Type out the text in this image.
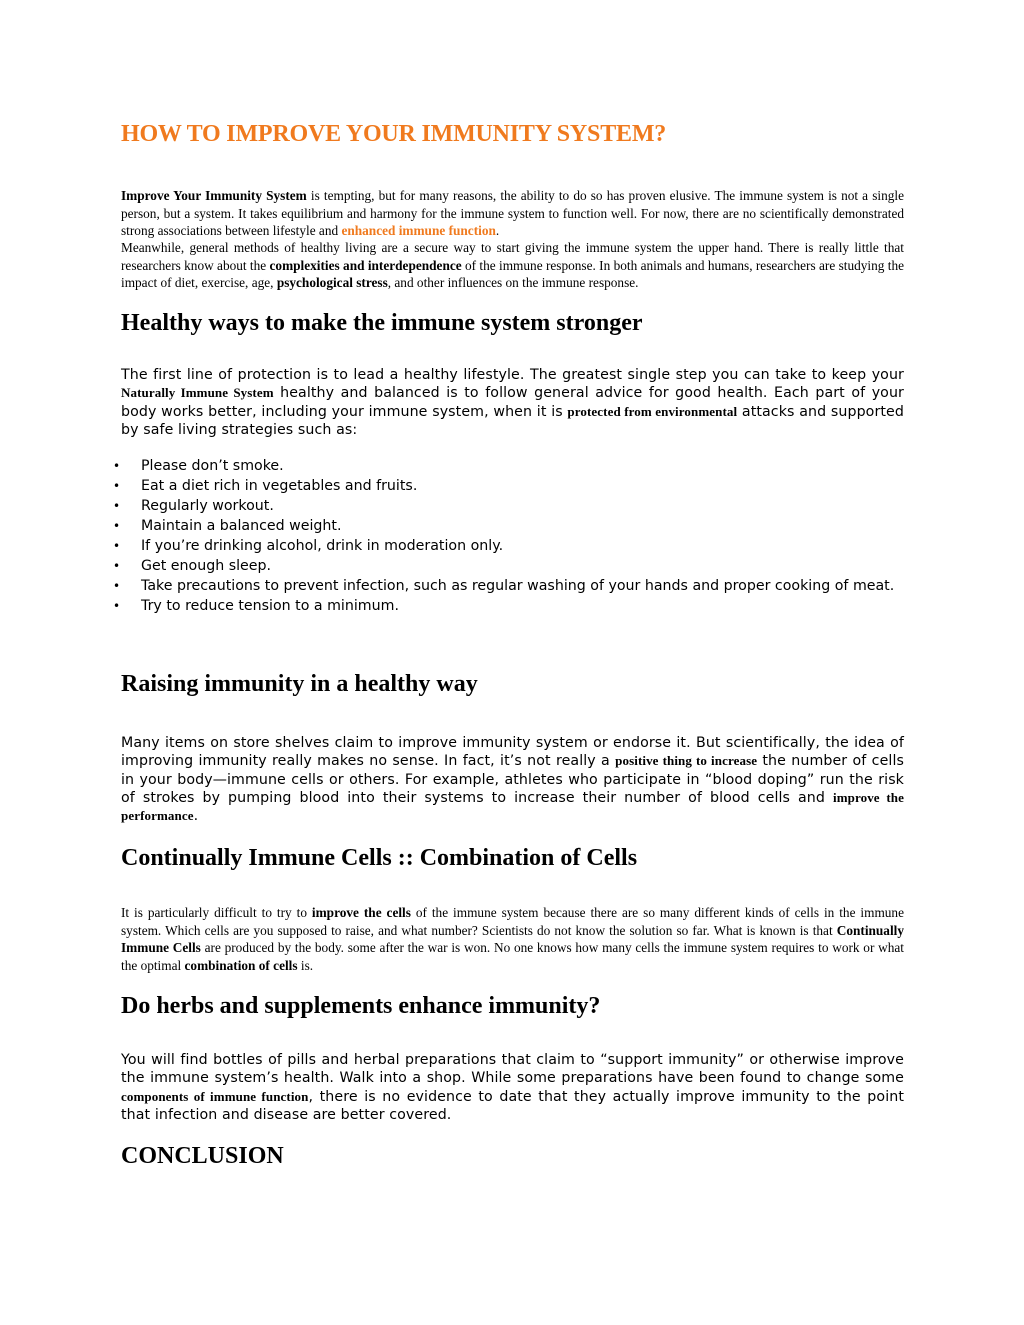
HOW TO IMPROVE YOUR IMMUNITY SYSTEM?

Improve Your Immunity System is tempting, but for many reasons, the ability to do so has proven elusive. The immune system is not a single person, but a system. It takes equilibrium and harmony for the immune system to function well. For now, there are no scientifically demonstrated strong associations between lifestyle and enhanced immune function.

Meanwhile, general methods of healthy living are a secure way to start giving the immune system the upper hand. There is really little that researchers know about the complexities and interdependence of the immune response. In both animals and humans, researchers are studying the impact of diet, exercise, age, psychological stress, and other influences on the immune response.

Healthy ways to make the immune system stronger

The first line of protection is to lead a healthy lifestyle. The greatest single step you can take to keep your Naturally Immune System healthy and balanced is to follow general advice for good health. Each part of your body works better, including your immune system, when it is protected from environmental attacks and supported by safe living strategies such as:

• Please don’t smoke.
• Eat a diet rich in vegetables and fruits.
• Regularly workout.
• Maintain a balanced weight.
• If you’re drinking alcohol, drink in moderation only.
• Get enough sleep.
• Take precautions to prevent infection, such as regular washing of your hands and proper cooking of meat.
• Try to reduce tension to a minimum.
Raising immunity in a healthy way

Many items on store shelves claim to improve immunity system or endorse it. But scientifically, the idea of improving immunity really makes no sense. In fact, it’s not really a positive thing to increase the number of cells in your body—immune cells or others. For example, athletes who participate in “blood doping” run the risk of strokes by pumping blood into their systems to increase their number of blood cells and improve the performance.

Continually Immune Cells :: Combination of Cells

It is particularly difficult to try to improve the cells of the immune system because there are so many different kinds of cells in the immune system. Which cells are you supposed to raise, and what number? Scientists do not know the solution so far. What is known is that Continually Immune Cells are produced by the body. some after the war is won. No one knows how many cells the immune system requires to work or what the optimal combination of cells is.

Do herbs and supplements enhance immunity?

You will find bottles of pills and herbal preparations that claim to “support immunity” or otherwise improve the immune system’s health. Walk into a shop. While some preparations have been found to change some components of immune function, there is no evidence to date that they actually improve immunity to the point that infection and disease are better covered.

CONCLUSION
